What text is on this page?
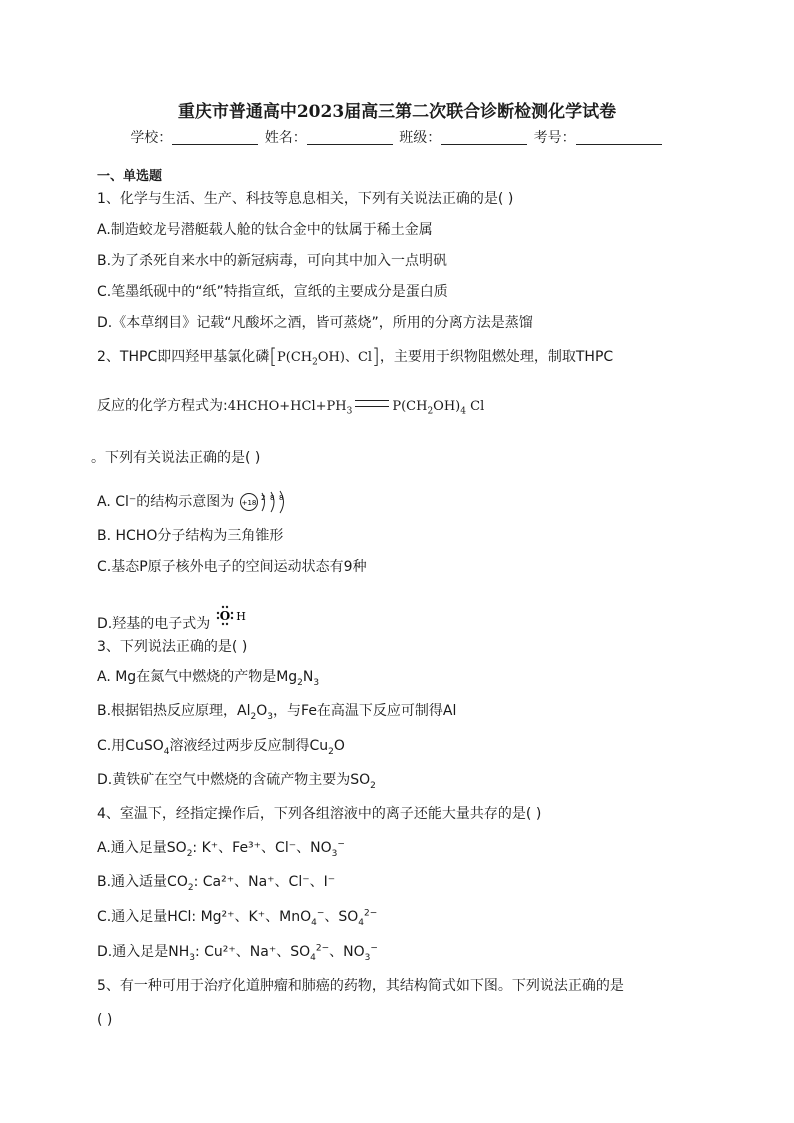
重庆市普通高中2023届高三第二次联合诊断检测化学试卷
学校：	姓名：	班级：	考号：
一、单选题
1、化学与生活、生产、科技等息息相关，下列有关说法正确的是( )
A.制造蛟龙号潜艇载人舱的钛合金中的钛属于稀土金属
B.为了杀死自来水中的新冠病毒，可向其中加入一点明矾
C.笔墨纸砚中的“纸”特指宣纸，宣纸的主要成分是蛋白质
D.《本草纲目》记载“凡酸坏之酒，皆可蒸烧”，所用的分离方法是蒸馏
2、THPC即四羟甲基氯化磷[$P(CH_2OH)$、Cl]，主要用于织物阻燃处理，制取THPC
反应的化学方程式为$:4HCHO+HCl+PH_3$	$P(CH_2OH)_4$ Cl
。下列有关说法正确的是( )
A. Cl⁻的结构示意图为 +18
2 8 8
B. HCHO分子结构为三角锥形
C.基态P原子核外电子的空间运动状态有9种
D.羟基的电子式为 O H
3、下列说法正确的是( )
A. Mg在氮气中燃烧的产物是$Mg_2N_3$
B.根据铝热反应原理，$Al_2O_3$，与Fe在高温下反应可制得Al
C.用CuSO$_4$溶液经过两步反应制得$Cu_2O$
D.黄铁矿在空气中燃烧的含硫产物主要为$SO_2$
4、室温下，经指定操作后，下列各组溶液中的离子还能大量共存的是( )
A.通入足量$SO_2$: K⁺、Fe³⁺、Cl⁻、$NO_3^-$
B.通入适量$CO_2$: Ca²⁺、Na⁺、Cl⁻、I⁻
C.通入足量HCl: Mg²⁺、K⁺、MnO$_4$−、$SO_4^{2-}$
D.通入足是$NH_3$: Cu²⁺、Na⁺、$SO_4^{2-}$、$NO_3^-$
5、有一种可用于治疗化道肿瘤和肺癌的药物，其结构简式如下图。下列说法正确的是
( )
